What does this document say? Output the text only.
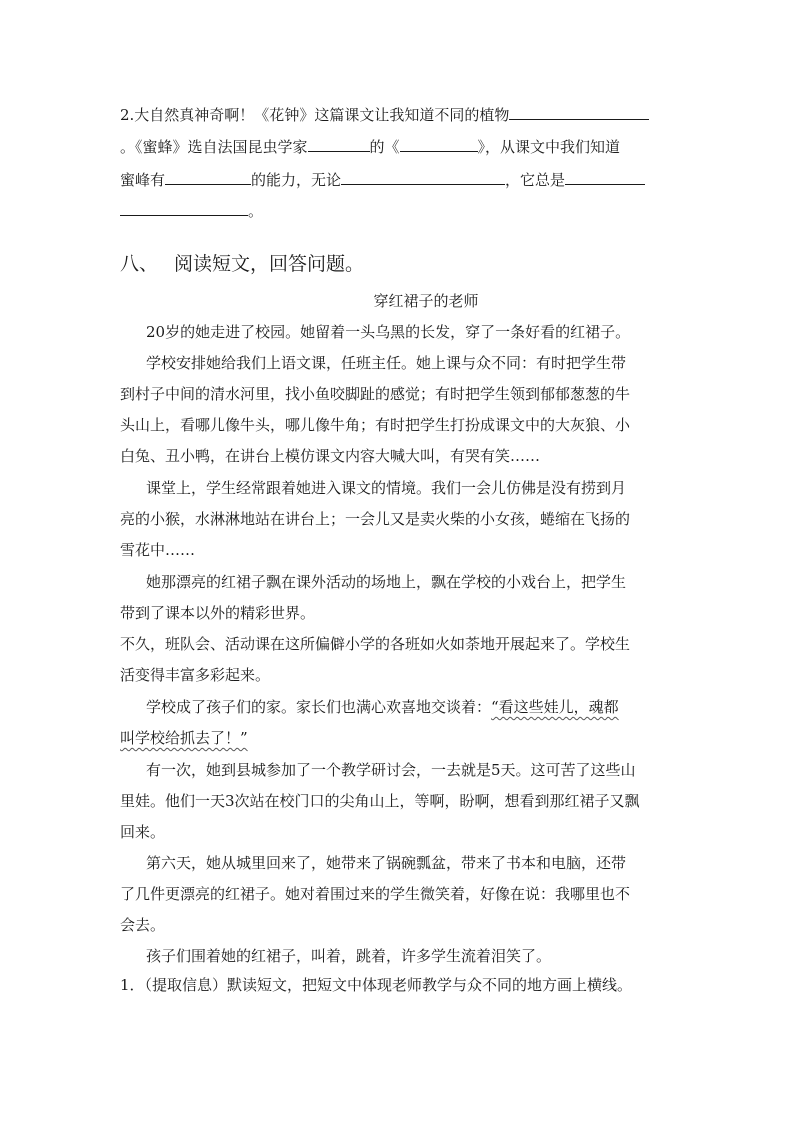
2.大自然真神奇啊！《花钟》这篇课文让我知道不同的植物
。《蜜蜂》选自法国昆虫学家	的《	》，从课文中我们知道
蜜峰有	的能力，无论	，它总是
。
八、 阅读短文，回答问题。
穿红裙子的老师
20岁的她走进了校园。她留着一头乌黑的长发，穿了一条好看的红裙子。
学校安排她给我们上语文课，任班主任。她上课与众不同：有时把学生带
到村子中间的清水河里，找小鱼咬脚趾的感觉；有时把学生领到郁郁葱葱的牛
头山上，看哪儿像牛头，哪儿像牛角；有时把学生打扮成课文中的大灰狼、小
白兔、丑小鸭，在讲台上模仿课文内容大喊大叫，有哭有笑……
课堂上，学生经常跟着她进入课文的情境。我们一会儿仿佛是没有捞到月
亮的小猴，水淋淋地站在讲台上；一会儿又是卖火柴的小女孩，蜷缩在飞扬的
雪花中……
她那漂亮的红裙子飘在课外活动的场地上，飘在学校的小戏台上，把学生
带到了课本以外的精彩世界。
不久，班队会、活动课在这所偏僻小学的各班如火如荼地开展起来了。学校生
活变得丰富多彩起来。
学校成了孩子们的家。家长们也满心欢喜地交谈着：“看这些娃儿，魂都
叫学校给抓去了！”
有一次，她到县城参加了一个教学研讨会，一去就是5天。这可苦了这些山
里娃。他们一天3次站在校门口的尖角山上，等啊，盼啊，想看到那红裙子又飘
回来。
第六天，她从城里回来了，她带来了锅碗瓢盆，带来了书本和电脑，还带
了几件更漂亮的红裙子。她对着围过来的学生微笑着，好像在说：我哪里也不
会去。
孩子们围着她的红裙子，叫着，跳着，许多学生流着泪笑了。
1．（提取信息）默读短文，把短文中体现老师教学与众不同的地方画上横线。
